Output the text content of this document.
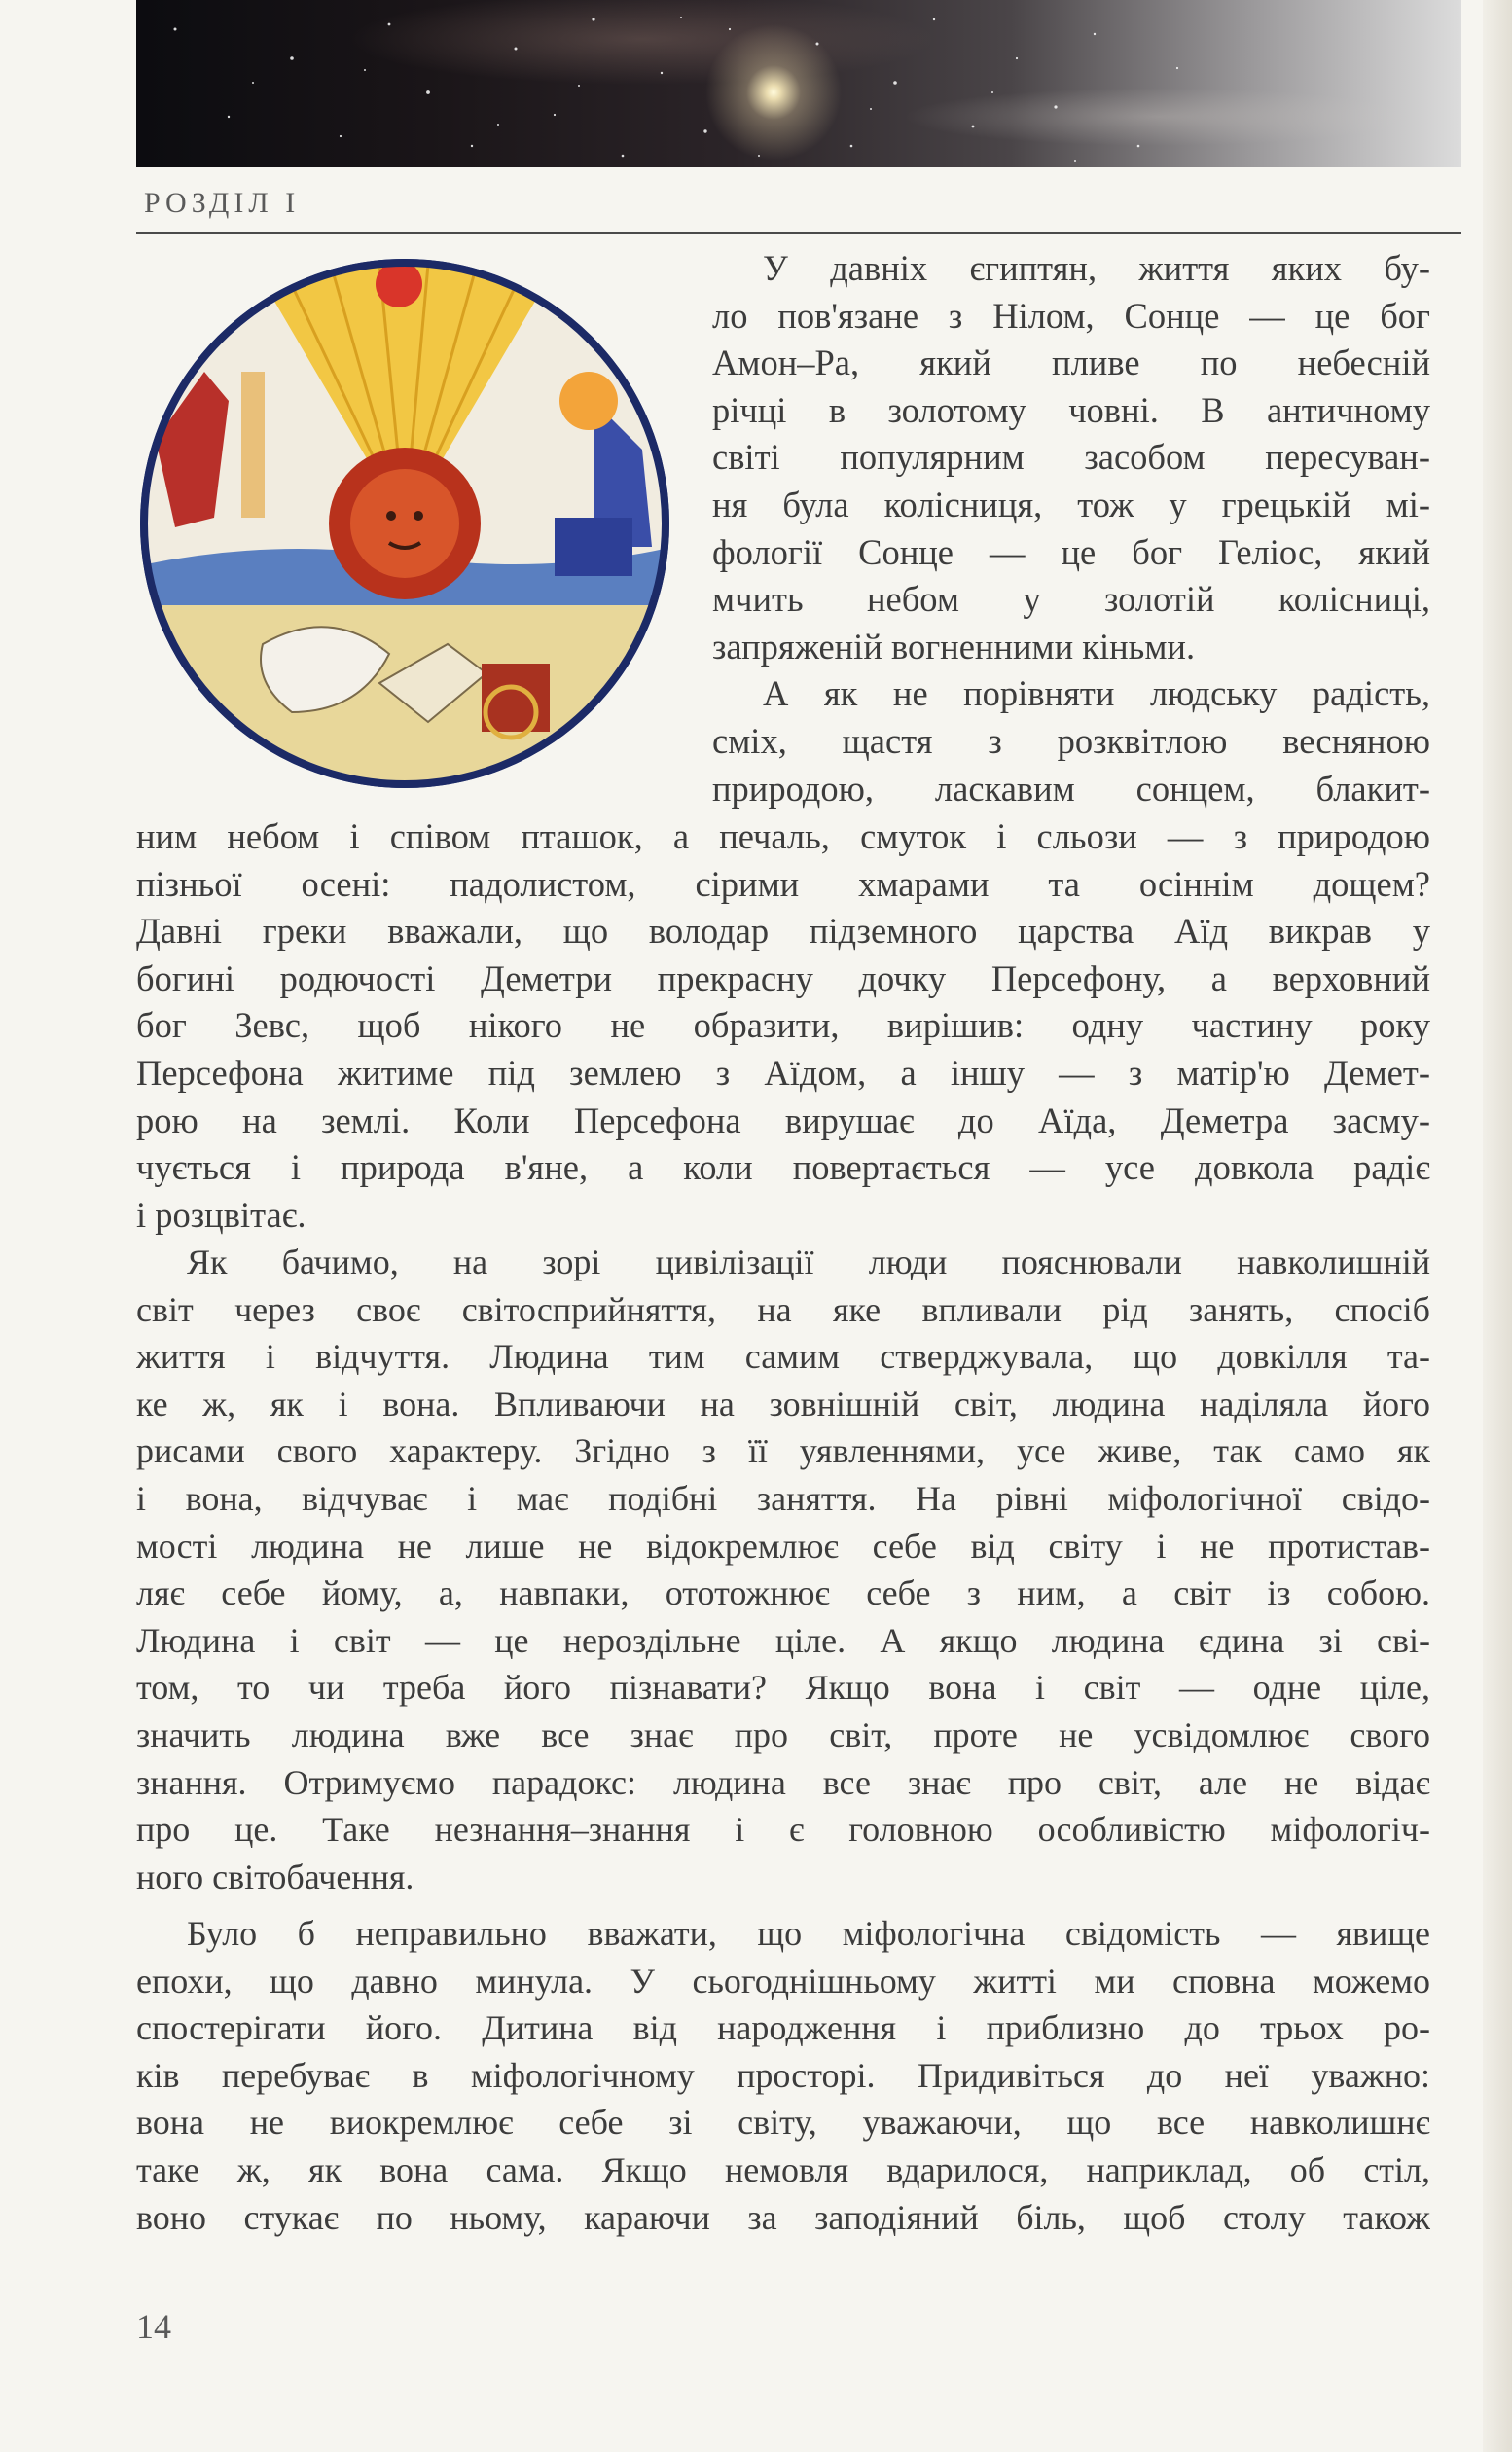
РОЗДІЛ І
У давніх єгиптян, життя яких бу-
ло пов'язане з Нілом, Сонце — це бог
Амон–Ра, який пливе по небесній
річці в золотому човні. В античному
світі популярним засобом пересуван-
ня була колісниця, тож у грецькій мі-
фології Сонце — це бог Геліос, який
мчить небом у золотій колісниці,
запряженій вогненними кіньми.
А як не порівняти людську радість,
сміх, щастя з розквітлою весняною
природою, ласкавим сонцем, блакит-
ним небом і співом пташок, а печаль, смуток і сльози — з природою
пізньої осені: падолистом, сірими хмарами та осіннім дощем?
Давні греки вважали, що володар підземного царства Аїд викрав у
богині родючості Деметри прекрасну дочку Персефону, а верховний
бог Зевс, щоб нікого не образити, вирішив: одну частину року
Персефона житиме під землею з Аїдом, а іншу — з матір'ю Демет-
рою на землі. Коли Персефона вирушає до Аїда, Деметра засму-
чується і природа в'яне, а коли повертається — усе довкола радіє
і розцвітає.
Як бачимо, на зорі цивілізації люди пояснювали навколишній
світ через своє світосприйняття, на яке впливали рід занять, спосіб
життя і відчуття. Людина тим самим стверджувала, що довкілля та-
ке ж, як і вона. Впливаючи на зовнішній світ, людина наділяла його
рисами свого характеру. Згідно з її уявленнями, усе живе, так само як
і вона, відчуває і має подібні заняття. На рівні міфологічної свідо-
мості людина не лише не відокремлює себе від світу і не протистав-
ляє себе йому, а, навпаки, ототожнює себе з ним, а світ із собою.
Людина і світ — це нероздільне ціле. А якщо людина єдина зі сві-
том, то чи треба його пізнавати? Якщо вона і світ — одне ціле,
значить людина вже все знає про світ, проте не усвідомлює свого
знання. Отримуємо парадокс: людина все знає про світ, але не відає
про це. Таке незнання–знання і є головною особливістю міфологіч-
ного світобачення.
Було б неправильно вважати, що міфологічна свідомість — явище
епохи, що давно минула. У сьогоднішньому житті ми сповна можемо
спостерігати його. Дитина від народження і приблизно до трьох ро-
ків перебуває в міфологічному просторі. Придивіться до неї уважно:
вона не виокремлює себе зі світу, уважаючи, що все навколишнє
таке ж, як вона сама. Якщо немовля вдарилося, наприклад, об стіл,
воно стукає по ньому, караючи за заподіяний біль, щоб столу також
14
